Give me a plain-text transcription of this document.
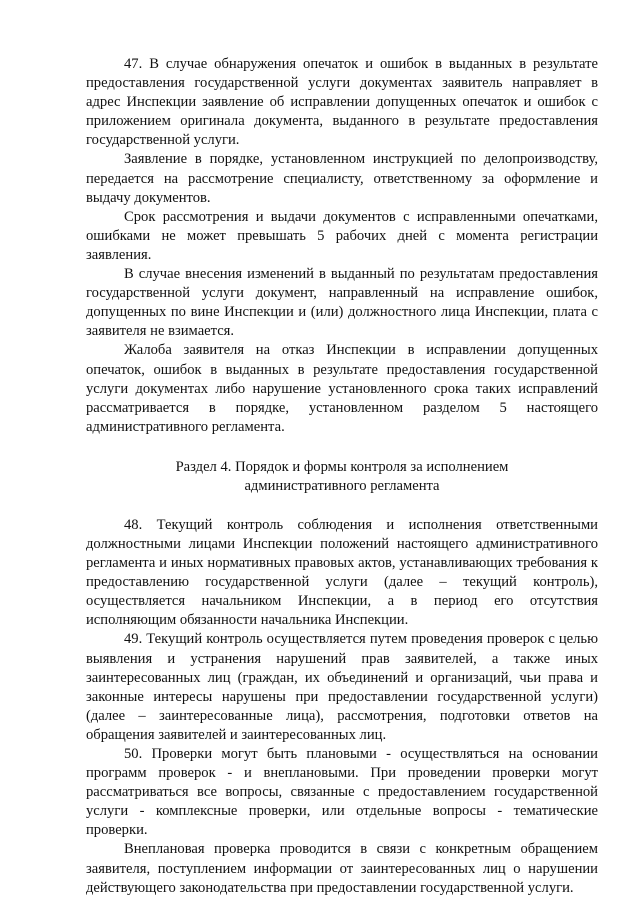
47. В случае обнаружения опечаток и ошибок в выданных в результате предоставления государственной услуги документах заявитель направляет в адрес Инспекции заявление об исправлении допущенных опечаток и ошибок с приложением оригинала документа, выданного в результате предоставления государственной услуги.

Заявление в порядке, установленном инструкцией по делопроизводству, передается на рассмотрение специалисту, ответственному за оформление и выдачу документов.

Срок рассмотрения и выдачи документов с исправленными опечатками, ошибками не может превышать 5 рабочих дней с момента регистрации заявления.

В случае внесения изменений в выданный по результатам предоставления государственной услуги документ, направленный на исправление ошибок, допущенных по вине Инспекции и (или) должностного лица Инспекции, плата с заявителя не взимается.

Жалоба заявителя на отказ Инспекции в исправлении допущенных опечаток, ошибок в выданных в результате предоставления государственной услуги документах либо нарушение установленного срока таких исправлений рассматривается в порядке, установленном разделом 5 настоящего административного регламента.

Раздел 4. Порядок и формы контроля за исполнением
административного регламента

48. Текущий контроль соблюдения и исполнения ответственными должностными лицами Инспекции положений настоящего административного регламента и иных нормативных правовых актов, устанавливающих требования к предоставлению государственной услуги (далее – текущий контроль), осуществляется начальником Инспекции, а в период его отсутствия исполняющим обязанности начальника Инспекции.

49. Текущий контроль осуществляется путем проведения проверок с целью выявления и устранения нарушений прав заявителей, а также иных заинтересованных лиц (граждан, их объединений и организаций, чьи права и законные интересы нарушены при предоставлении государственной услуги) (далее – заинтересованные лица), рассмотрения, подготовки ответов на обращения заявителей и заинтересованных лиц.

50. Проверки могут быть плановыми - осуществляться на основании программ проверок - и внеплановыми. При проведении проверки могут рассматриваться все вопросы, связанные с предоставлением государственной услуги - комплексные проверки, или отдельные вопросы - тематические проверки.

Внеплановая проверка проводится в связи с конкретным обращением заявителя, поступлением информации от заинтересованных лиц о нарушении действующего законодательства при предоставлении государственной услуги.
